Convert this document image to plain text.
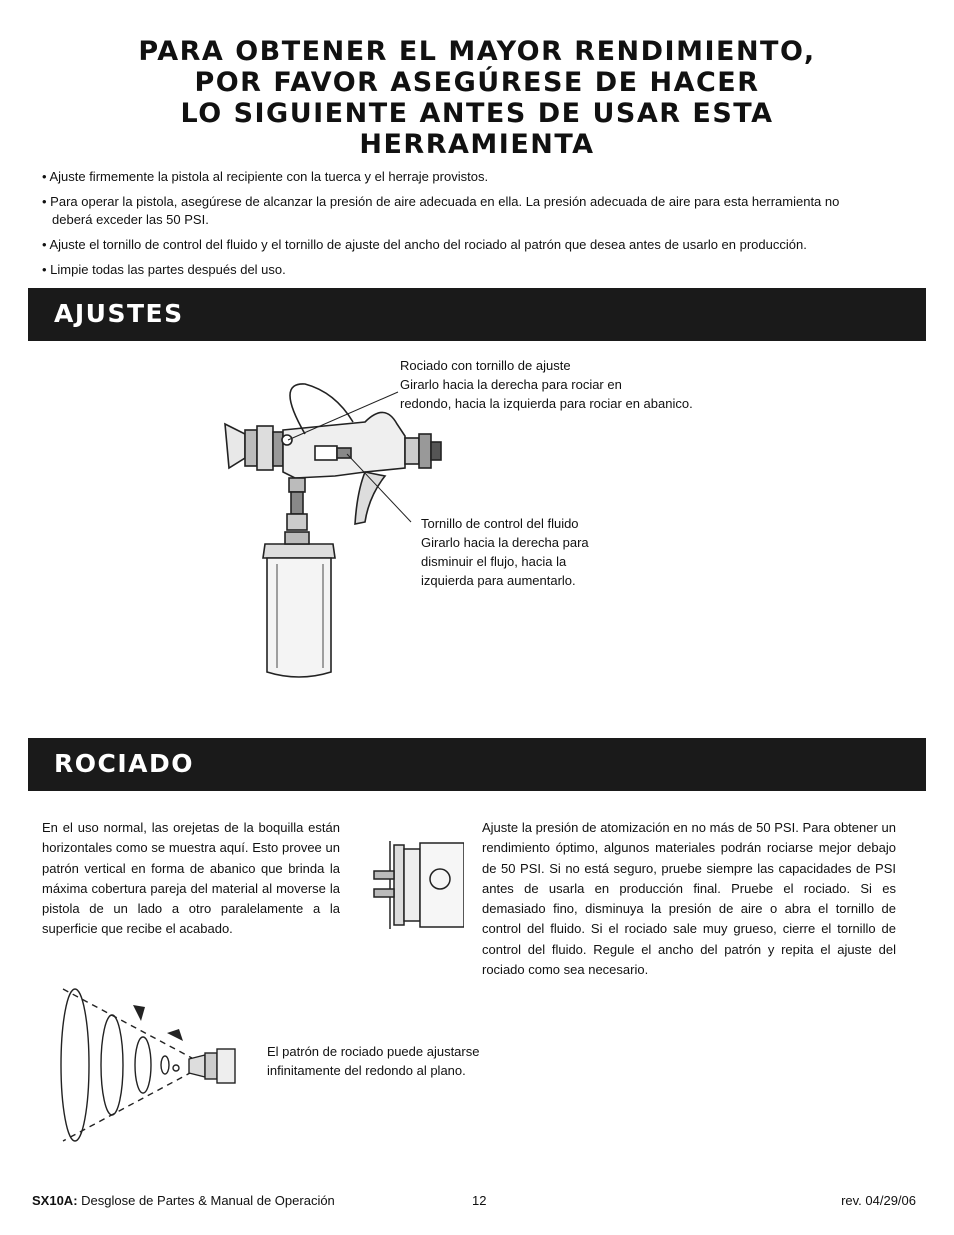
PARA OBTENER EL MAYOR RENDIMIENTO,
POR FAVOR ASEGÚRESE DE HACER
LO SIGUIENTE ANTES DE USAR ESTA
HERRAMIENTA
• Ajuste firmemente la pistola al recipiente con la tuerca y el herraje provistos.
• Para operar la pistola, asegúrese de alcanzar la presión de aire adecuada en ella. La presión adecuada de aire para esta herramienta no deberá exceder las 50 PSI.
• Ajuste el tornillo de control del fluido y el tornillo de ajuste del ancho del rociado al patrón que desea antes de usarlo en producción.
• Limpie todas las partes después del uso.
AJUSTES
Rociado con tornillo de ajuste
Girarlo hacia la derecha para rociar en
redondo, hacia la izquierda para rociar en abanico.
Tornillo de control del fluido
Girarlo hacia la derecha para
disminuir el flujo, hacia la
izquierda para aumentarlo.
ROCIADO

En el uso normal, las orejetas de la boquilla están horizontales como se muestra aquí. Esto provee un patrón vertical en forma de abanico que brinda la máxima cobertura pareja del material al moverse la pistola de un lado a otro paralelamente a la superficie que recibe el acabado.

Ajuste la presión de atomización en no más de 50 PSI. Para obtener un rendimiento óptimo, algunos materiales podrán rociarse mejor debajo de 50 PSI. Si no está seguro, pruebe siempre las capacidades de PSI antes de usarla en producción final. Pruebe el rociado. Si es demasiado fino, disminuya la presión de aire o abra el tornillo de control del fluido. Si el rociado sale muy grueso, cierre el tornillo de control del fluido. Regule el ancho del patrón y repita el ajuste del rociado como sea necesario.

El patrón de rociado puede ajustarse
infinitamente del redondo al plano.
SX10A: Desglose de Partes & Manual de Operación	12	rev. 04/29/06
